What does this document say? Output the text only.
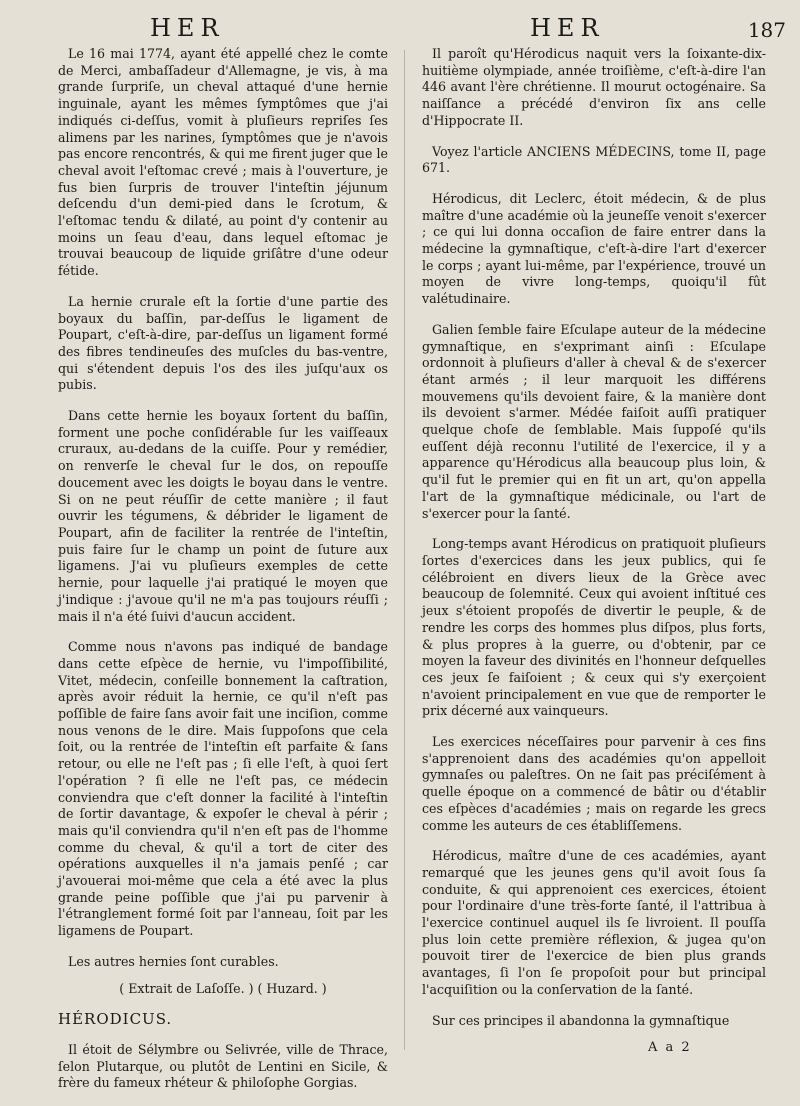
HER	HER	187

Le 16 mai 1774, ayant été appellé chez le comte de Merci, ambaſſadeur d'Allemagne, je vis, à ma grande ſurpriſe, un cheval attaqué d'une hernie inguinale, ayant les mêmes ſymptômes que j'ai indiqués ci-deſſus, vomit à pluſieurs repriſes ſes alimens par les narines, ſymptômes que je n'avois pas encore rencontrés, & qui me firent juger que le cheval avoit l'eſtomac crevé ; mais à l'ouverture, je fus bien ſurpris de trouver l'inteſtin jéjunum deſcendu d'un demi-pied dans le ſcrotum, & l'eſtomac tendu & dilaté, au point d'y contenir au moins un ſeau d'eau, dans lequel eſtomac je trouvai beaucoup de liquide griſâtre d'une odeur fétide.

La hernie crurale eſt la ſortie d'une partie des boyaux du baſſin, par-deſſus le ligament de Poupart, c'eſt-à-dire, par-deſſus un ligament formé des fibres tendineuſes des muſcles du bas-ventre, qui s'étendent depuis l'os des iles juſqu'aux os pubis.

Dans cette hernie les boyaux ſortent du baſſin, forment une poche conſidérable ſur les vaiſſeaux cruraux, au-dedans de la cuiſſe. Pour y remédier, on renverſe le cheval ſur le dos, on repouſſe doucement avec les doigts le boyau dans le ventre. Si on ne peut réuſſir de cette manière ; il faut ouvrir les tégumens, & débrider le ligament de Poupart, afin de faciliter la rentrée de l'inteſtin, puis faire ſur le champ un point de ſuture aux ligamens. J'ai vu pluſieurs exemples de cette hernie, pour laquelle j'ai pratiqué le moyen que j'indique : j'avoue qu'il ne m'a pas toujours réuſſi ; mais il n'a été ſuivi d'aucun accident.

Comme nous n'avons pas indiqué de bandage dans cette eſpèce de hernie, vu l'impoſſibilité, Vitet, médecin, conſeille bonnement la caſtration, après avoir réduit la hernie, ce qu'il n'eſt pas poſſible de faire ſans avoir fait une inciſion, comme nous venons de le dire. Mais ſuppoſons que cela ſoit, ou la rentrée de l'inteſtin eſt parfaite & ſans retour, ou elle ne l'eſt pas ; ſi elle l'eſt, à quoi ſert l'opération ? ſi elle ne l'eſt pas, ce médecin conviendra que c'eſt donner la facilité à l'inteſtin de ſortir davantage, & expoſer le cheval à périr ; mais qu'il conviendra qu'il n'en eſt pas de l'homme comme du cheval, & qu'il a tort de citer des opérations auxquelles il n'a jamais penſé ; car j'avouerai moi-même que cela a été avec la plus grande peine poſſible que j'ai pu parvenir à l'étranglement formé ſoit par l'anneau, ſoit par les ligamens de Poupart.

Les autres hernies ſont curables.

( Extrait de Laſoſſe. ) ( Huzard. )
HÉRODICUS.

Il étoit de Sélymbre ou Selivrée, ville de Thrace, ſelon Plutarque, ou plutôt de Lentini en Sicile, & frère du fameux rhéteur & philoſophe Gorgias.

Il paroît qu'Hérodicus naquit vers la ſoixante-dix-huitième olympiade, année troiſième, c'eſt-à-dire l'an 446 avant l'ère chrétienne. Il mourut octogénaire. Sa naiſſance a précédé d'environ ſix ans celle d'Hippocrate II.

Voyez l'article ANCIENS MÉDECINS, tome II, page 671.

Hérodicus, dit Leclerc, étoit médecin, & de plus maître d'une académie où la jeuneſſe venoit s'exercer ; ce qui lui donna occaſion de faire entrer dans la médecine la gymnaſtique, c'eſt-à-dire l'art d'exercer le corps ; ayant lui-même, par l'expérience, trouvé un moyen de vivre long-temps, quoiqu'il fût valétudinaire.

Galien ſemble faire Eſculape auteur de la médecine gymnaſtique, en s'exprimant ainſi : Eſculape ordonnoit à pluſieurs d'aller à cheval & de s'exercer étant armés ; il leur marquoit les différens mouvemens qu'ils devoient faire, & la manière dont ils devoient s'armer. Médée faiſoit auſſi pratiquer quelque choſe de ſemblable. Mais ſuppoſé qu'ils euſſent déjà reconnu l'utilité de l'exercice, il y a apparence qu'Hérodicus alla beaucoup plus loin, & qu'il fut le premier qui en fit un art, qu'on appella l'art de la gymnaſtique médicinale, ou l'art de s'exercer pour la ſanté.

Long-temps avant Hérodicus on pratiquoit pluſieurs ſortes d'exercices dans les jeux publics, qui ſe célébroient en divers lieux de la Grèce avec beaucoup de ſolemnité. Ceux qui avoient inſtitué ces jeux s'étoient propoſés de divertir le peuple, & de rendre les corps des hommes plus diſpos, plus forts, & plus propres à la guerre, ou d'obtenir, par ce moyen la faveur des divinités en l'honneur deſquelles ces jeux ſe faiſoient ; & ceux qui s'y exerçoient n'avoient principalement en vue que de remporter le prix décerné aux vainqueurs.

Les exercices néceſſaires pour parvenir à ces fins s'apprenoient dans des académies qu'on appelloit gymnaſes ou paleſtres. On ne ſait pas préciſément à quelle époque on a commencé de bâtir ou d'établir ces eſpèces d'académies ; mais on regarde les grecs comme les auteurs de ces établiſſemens.

Hérodicus, maître d'une de ces académies, ayant remarqué que les jeunes gens qu'il avoit ſous ſa conduite, & qui apprenoient ces exercices, étoient pour l'ordinaire d'une très-forte ſanté, il l'attribua à l'exercice continuel auquel ils ſe livroient. Il pouſſa plus loin cette première réflexion, & jugea qu'on pouvoit tirer de l'exercice de bien plus grands avantages, ſi l'on ſe propoſoit pour but principal l'acquiſition ou la conſervation de la ſanté.

Sur ces principes il abandonna la gymnaſtique

A a 2
